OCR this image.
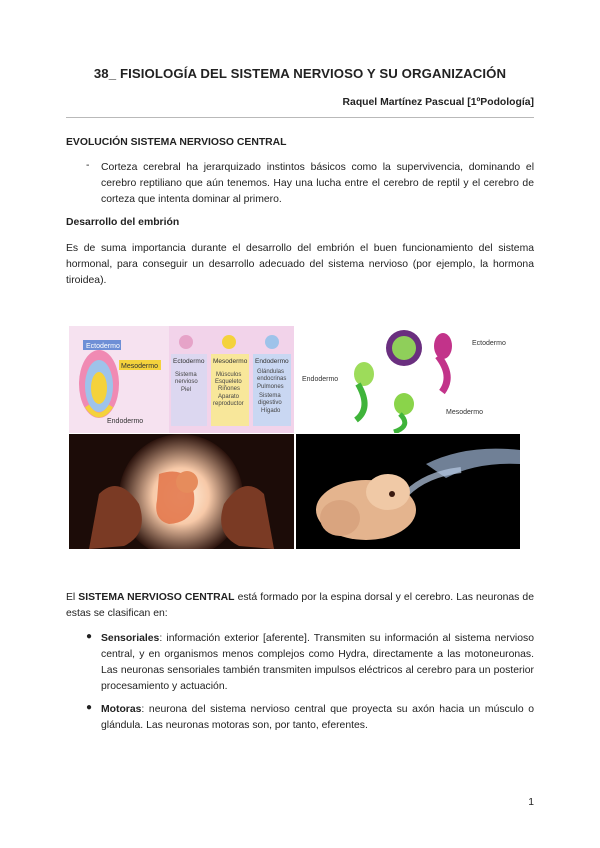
38_ FISIOLOGÍA DEL SISTEMA NERVIOSO Y SU ORGANIZACIÓN
Raquel Martínez Pascual [1ºPodología]
EVOLUCIÓN SISTEMA NERVIOSO CENTRAL
- Corteza cerebral ha jerarquizado instintos básicos como la supervivencia, dominando el cerebro reptiliano que aún tenemos. Hay una lucha entre el cerebro de reptil y el cerebro de corteza que intenta dominar al primero.
Desarrollo del embrión
Es de suma importancia durante el desarrollo del embrión el buen funcionamiento del sistema hormonal, para conseguir un desarrollo adecuado del sistema nervioso (por ejemplo, la hormona tiroidea).
Ectodermo
Mesodermo
Endodermo
Ectodermo
Sistema
nervioso
Piel
Mesodermo
Músculos
Esqueleto
Riñones
Aparato
reproductor
Endodermo
Glándulas
endocrinas
Pulmones
Sistema
digestivo
Hígado
Ectodermo
Endodermo
Mesodermo
El SISTEMA NERVIOSO CENTRAL está formado por la espina dorsal y el cerebro. Las neuronas de estas se clasifican en:
● Sensoriales: información exterior [aferente]. Transmiten su información al sistema nervioso central, y en organismos menos complejos como Hydra, directamente a las motoneuronas. Las neuronas sensoriales también transmiten impulsos eléctricos al cerebro para un posterior procesamiento y actuación.
● Motoras: neurona del sistema nervioso central que proyecta su axón hacia un músculo o glándula. Las neuronas motoras son, por tanto, eferentes.
1
